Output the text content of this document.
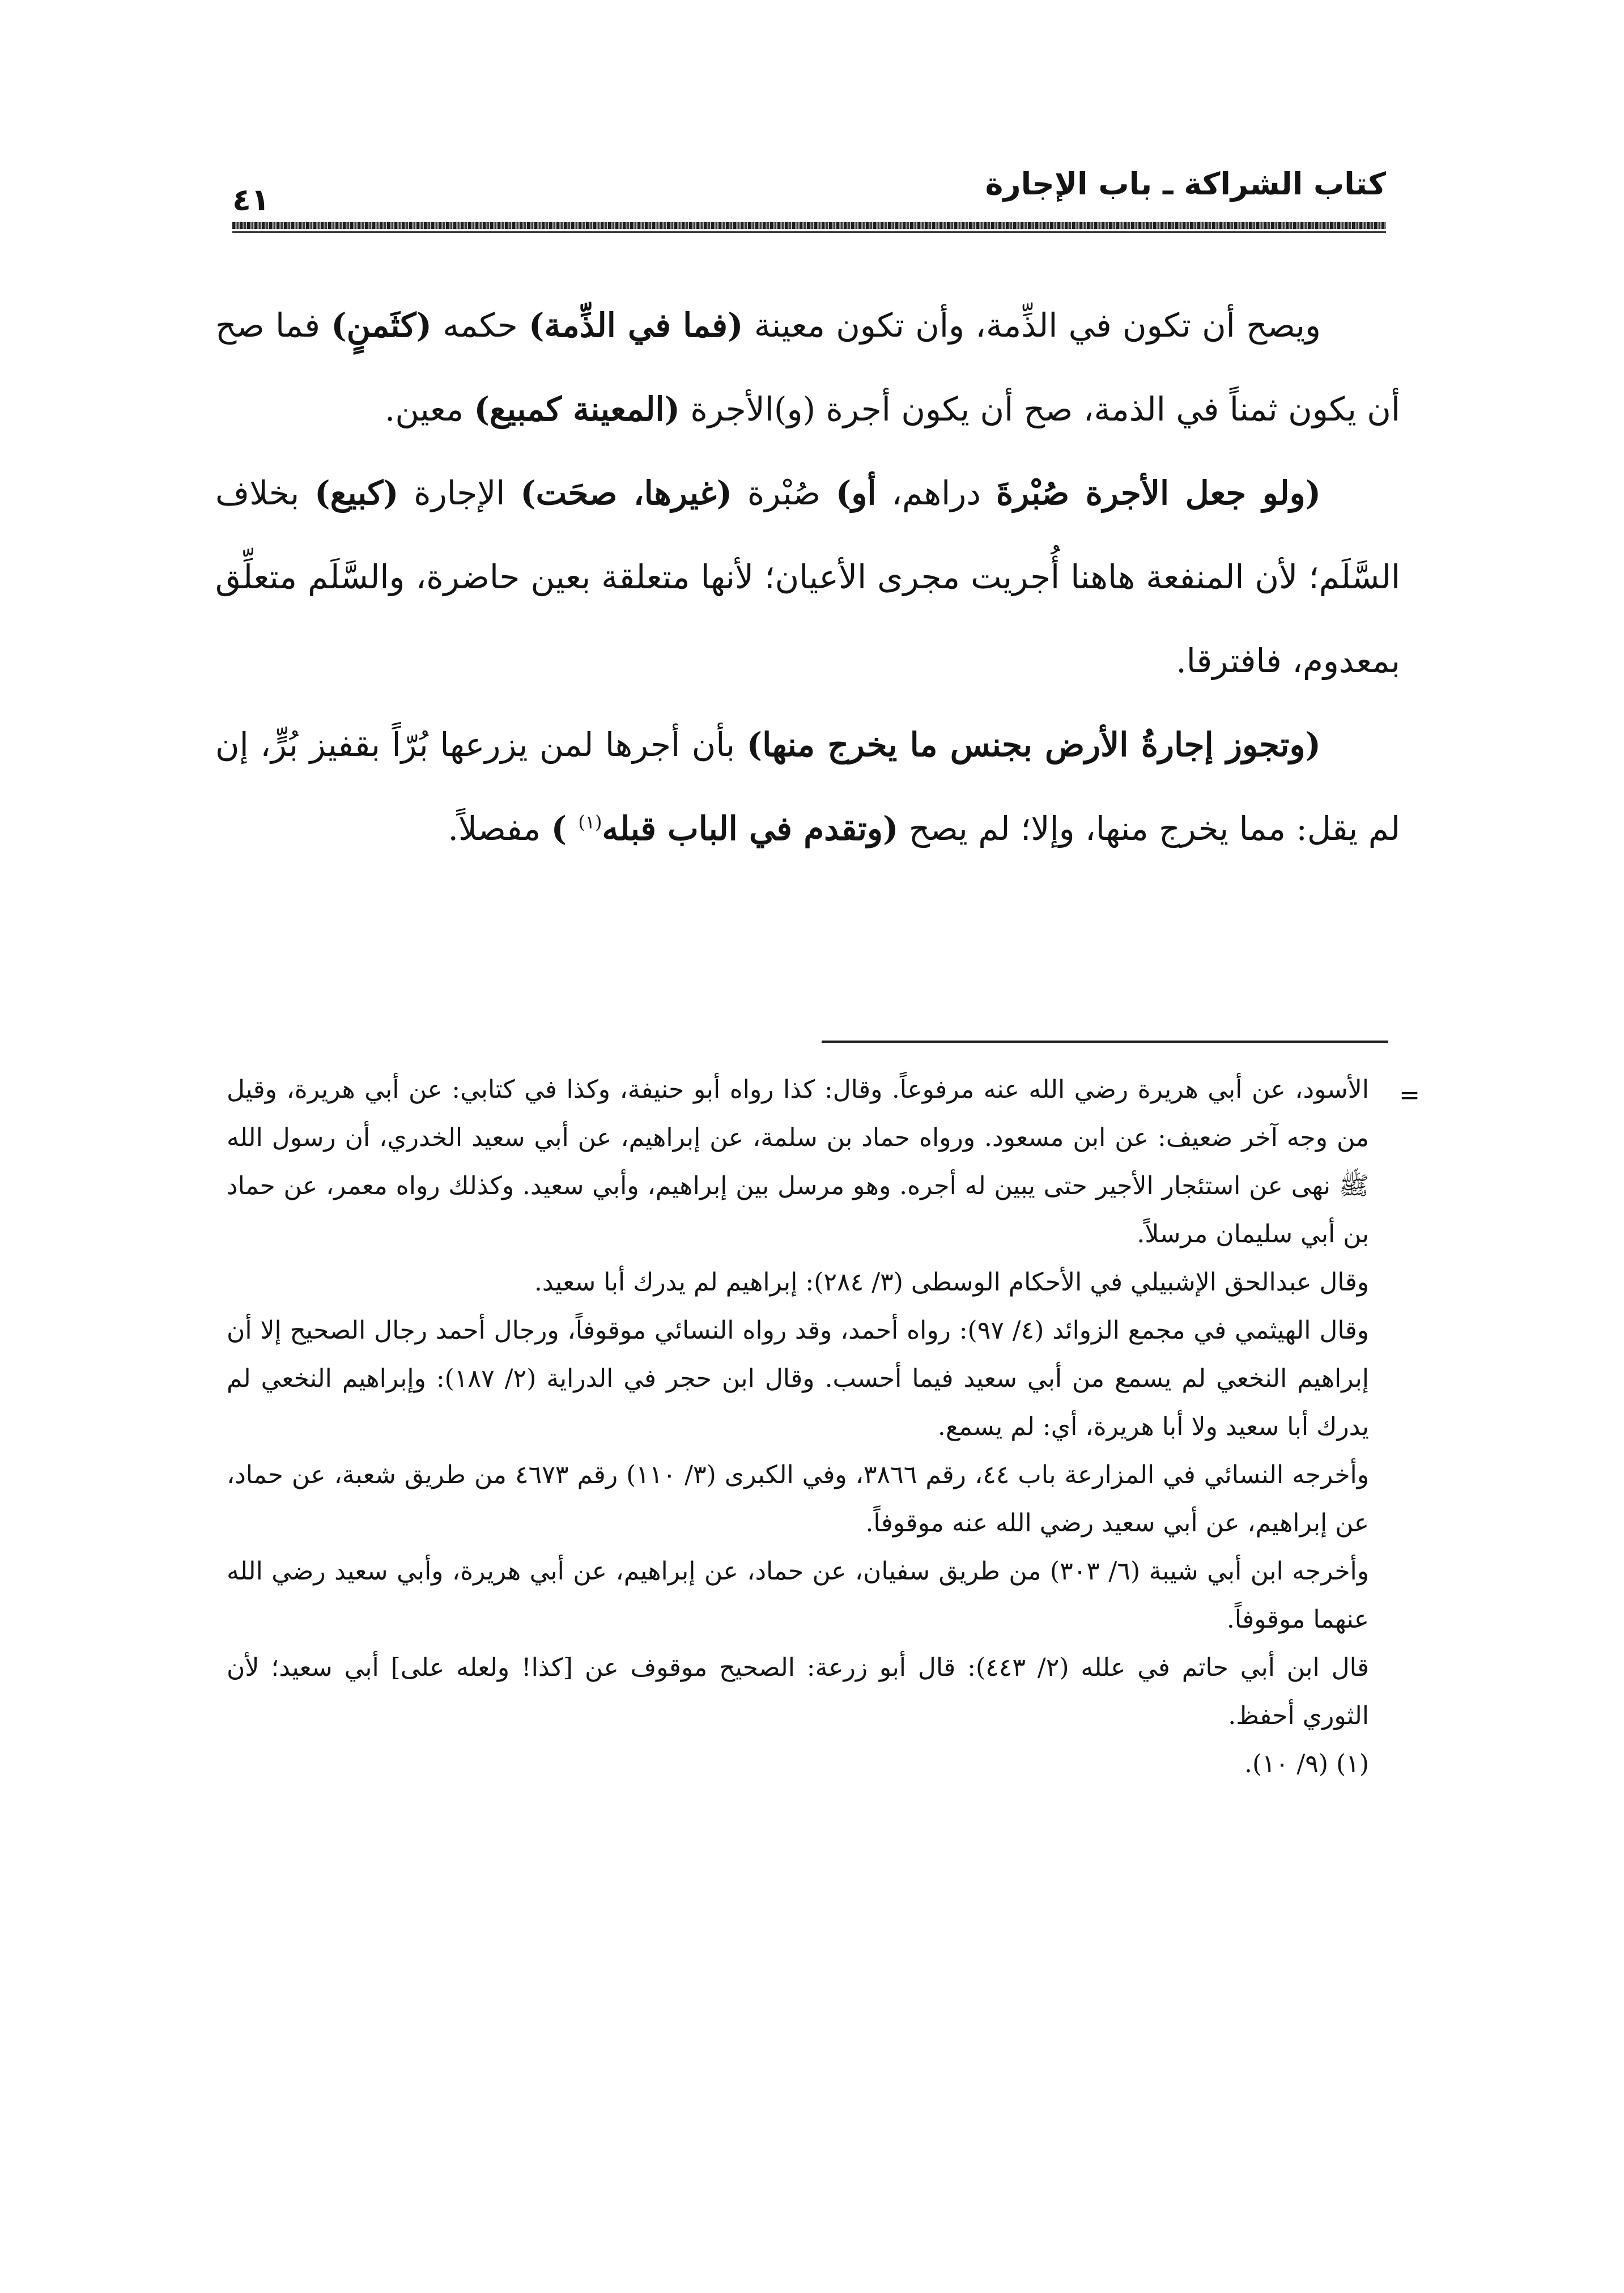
كتاب الشراكة ـ باب الإجارة
٤١

ويصح أن تكون في الذِّمة، وأن تكون معينة (فما في الذِّمة) حكمه (كثَمنٍ) فما صح أن يكون ثمناً في الذمة، صح أن يكون أجرة (و)الأجرة (المعينة كمبيع) معين.

(ولو جعل الأجرة صُبْرةَ دراهم، أو) صُبْرة (غيرها، صحَت) الإجارة (كبيع) بخلاف السَّلَم؛ لأن المنفعة هاهنا أُجريت مجرى الأعيان؛ لأنها متعلقة بعين حاضرة، والسَّلَم متعلِّق بمعدوم، فافترقا.

(وتجوز إجارةُ الأرض بجنس ما يخرج منها) بأن أجرها لمن يزرعها بُرّاً بقفيز بُرٍّ، إن لم يقل: مما يخرج منها، وإلا؛ لم يصح (وتقدم في الباب قبله$^{(١)}$ ) مفصلاً.

=

الأسود، عن أبي هريرة رضي الله عنه مرفوعاً. وقال: كذا رواه أبو حنيفة، وكذا في كتابي: عن أبي هريرة، وقيل من وجه آخر ضعيف: عن ابن مسعود. ورواه حماد بن سلمة، عن إبراهيم، عن أبي سعيد الخدري، أن رسول الله ﷺ نهى عن استئجار الأجير حتى يبين له أجره. وهو مرسل بين إبراهيم، وأبي سعيد. وكذلك رواه معمر، عن حماد بن أبي سليمان مرسلاً.

وقال عبدالحق الإشبيلي في الأحكام الوسطى (٣/ ٢٨٤): إبراهيم لم يدرك أبا سعيد.

وقال الهيثمي في مجمع الزوائد (٤/ ٩٧): رواه أحمد، وقد رواه النسائي موقوفاً، ورجال أحمد رجال الصحيح إلا أن إبراهيم النخعي لم يسمع من أبي سعيد فيما أحسب. وقال ابن حجر في الدراية (٢/ ١٨٧): وإبراهيم النخعي لم يدرك أبا سعيد ولا أبا هريرة، أي: لم يسمع.

وأخرجه النسائي في المزارعة باب ٤٤، رقم ٣٨٦٦، وفي الكبرى (٣/ ١١٠) رقم ٤٦٧٣ من طريق شعبة، عن حماد، عن إبراهيم، عن أبي سعيد رضي الله عنه موقوفاً.

وأخرجه ابن أبي شيبة (٦/ ٣٠٣) من طريق سفيان، عن حماد، عن إبراهيم، عن أبي هريرة، وأبي سعيد رضي الله عنهما موقوفاً.

قال ابن أبي حاتم في علله (٢/ ٤٤٣): قال أبو زرعة: الصحيح موقوف عن [كذا! ولعله على] أبي سعيد؛ لأن الثوري أحفظ.

(١) (٩/ ١٠).
